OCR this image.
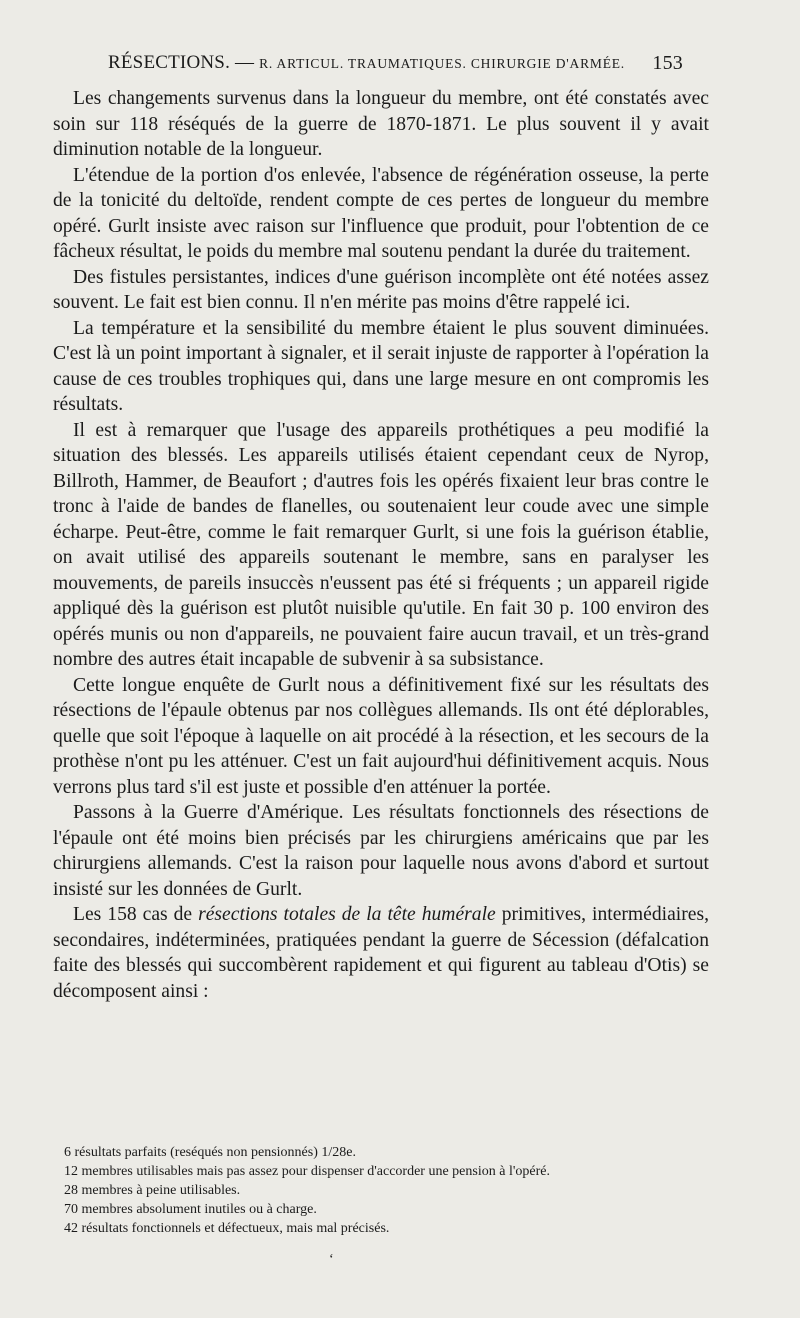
RÉSECTIONS. — R. ARTICUL. TRAUMATIQUES. CHIRURGIE D'ARMÉE. 153

Les changements survenus dans la longueur du membre, ont été constatés avec soin sur 118 réséqués de la guerre de 1870-1871. Le plus souvent il y avait diminution notable de la longueur.

L'étendue de la portion d'os enlevée, l'absence de régénération osseuse, la perte de la tonicité du deltoïde, rendent compte de ces pertes de longueur du membre opéré. Gurlt insiste avec raison sur l'influence que produit, pour l'obtention de ce fâcheux résultat, le poids du membre mal soutenu pendant la durée du traitement.

Des fistules persistantes, indices d'une guérison incomplète ont été notées assez souvent. Le fait est bien connu. Il n'en mérite pas moins d'être rappelé ici.

La température et la sensibilité du membre étaient le plus souvent diminuées. C'est là un point important à signaler, et il serait injuste de rapporter à l'opération la cause de ces troubles trophiques qui, dans une large mesure en ont compromis les résultats.

Il est à remarquer que l'usage des appareils prothétiques a peu modifié la situation des blessés. Les appareils utilisés étaient cependant ceux de Nyrop, Billroth, Hammer, de Beaufort ; d'autres fois les opérés fixaient leur bras contre le tronc à l'aide de bandes de flanelles, ou soutenaient leur coude avec une simple écharpe. Peut-être, comme le fait remarquer Gurlt, si une fois la guérison établie, on avait utilisé des appareils soutenant le membre, sans en paralyser les mouvements, de pareils insuccès n'eussent pas été si fréquents ; un appareil rigide appliqué dès la guérison est plutôt nuisible qu'utile. En fait 30 p. 100 environ des opérés munis ou non d'appareils, ne pouvaient faire aucun travail, et un très-grand nombre des autres était incapable de subvenir à sa subsistance.

Cette longue enquête de Gurlt nous a définitivement fixé sur les résultats des résections de l'épaule obtenus par nos collègues allemands. Ils ont été déplorables, quelle que soit l'époque à laquelle on ait procédé à la résection, et les secours de la prothèse n'ont pu les atténuer. C'est un fait aujourd'hui définitivement acquis. Nous verrons plus tard s'il est juste et possible d'en atténuer la portée.

Passons à la Guerre d'Amérique. Les résultats fonctionnels des résections de l'épaule ont été moins bien précisés par les chirurgiens américains que par les chirurgiens allemands. C'est la raison pour laquelle nous avons d'abord et surtout insisté sur les données de Gurlt.

Les 158 cas de résections totales de la tête humérale primitives, intermédiaires, secondaires, indéterminées, pratiquées pendant la guerre de Sécession (défalcation faite des blessés qui succombèrent rapidement et qui figurent au tableau d'Otis) se décomposent ainsi :

6 résultats parfaits (reséqués non pensionnés) 1/28e.
12 membres utilisables mais pas assez pour dispenser d'accorder une pension à l'opéré.
28 membres à peine utilisables.
70 membres absolument inutiles ou à charge.
42 résultats fonctionnels et défectueux, mais mal précisés.
‘
